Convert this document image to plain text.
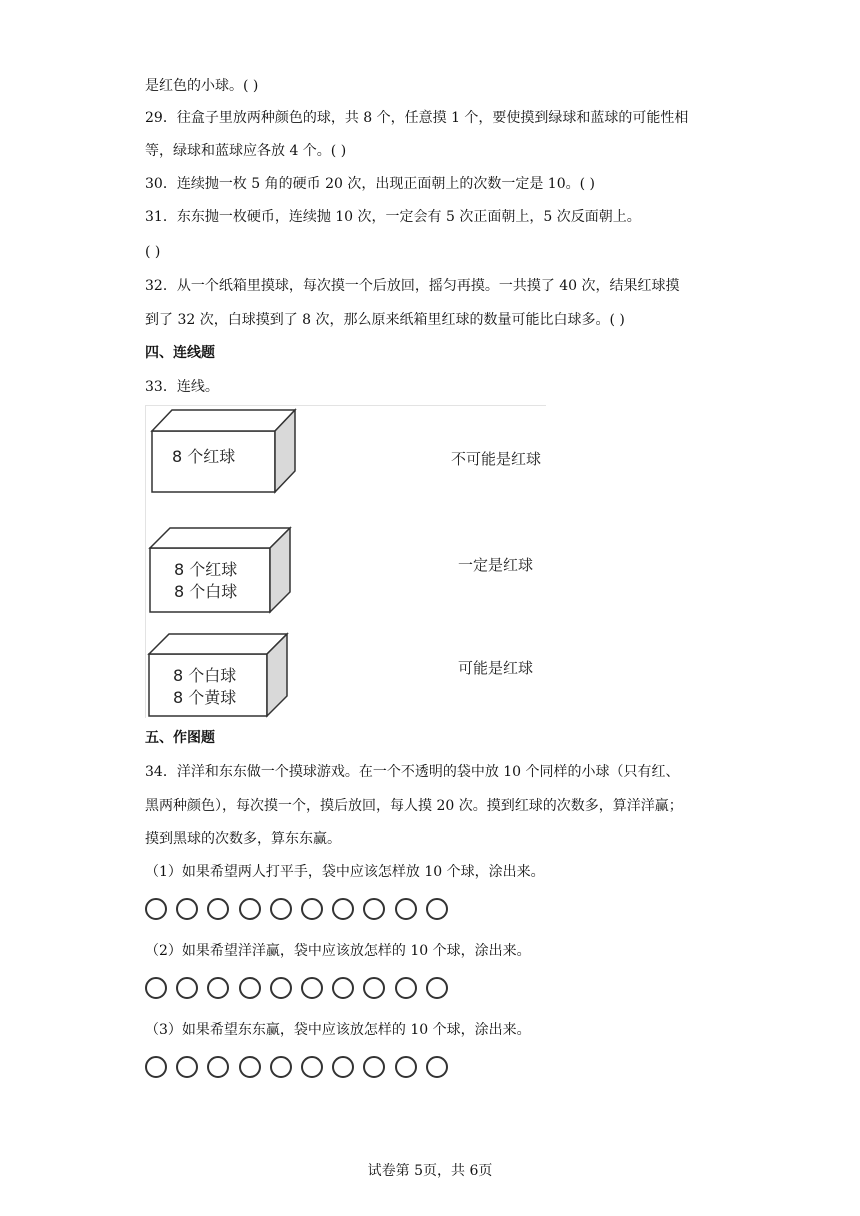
是红色的小球。( )
29．往盒子里放两种颜色的球，共 8 个，任意摸 1 个，要使摸到绿球和蓝球的可能性相
等，绿球和蓝球应各放 4 个。( )
30．连续抛一枚 5 角的硬币 20 次，出现正面朝上的次数一定是 10。( )
31．东东抛一枚硬币，连续抛 10 次，一定会有 5 次正面朝上，5 次反面朝上。
( )
32．从一个纸箱里摸球，每次摸一个后放回，摇匀再摸。一共摸了 40 次，结果红球摸
到了 32 次，白球摸到了 8 次，那么原来纸箱里红球的数量可能比白球多。( )
33．连线。
34．洋洋和东东做一个摸球游戏。在一个不透明的袋中放 10 个同样的小球（只有红、
黑两种颜色），每次摸一个，摸后放回，每人摸 20 次。摸到红球的次数多，算洋洋赢；
摸到黑球的次数多，算东东赢。
（1）如果希望两人打平手，袋中应该怎样放 10 个球，涂出来。
（2）如果希望洋洋赢，袋中应该放怎样的 10 个球，涂出来。
（3）如果希望东东赢，袋中应该放怎样的 10 个球，涂出来。
四、连线题
五、作图题
8 个红球
8 个红球
8 个白球
8 个白球
8 个黄球
不可能是红球
一定是红球
可能是红球
试卷第 5页，共 6页
